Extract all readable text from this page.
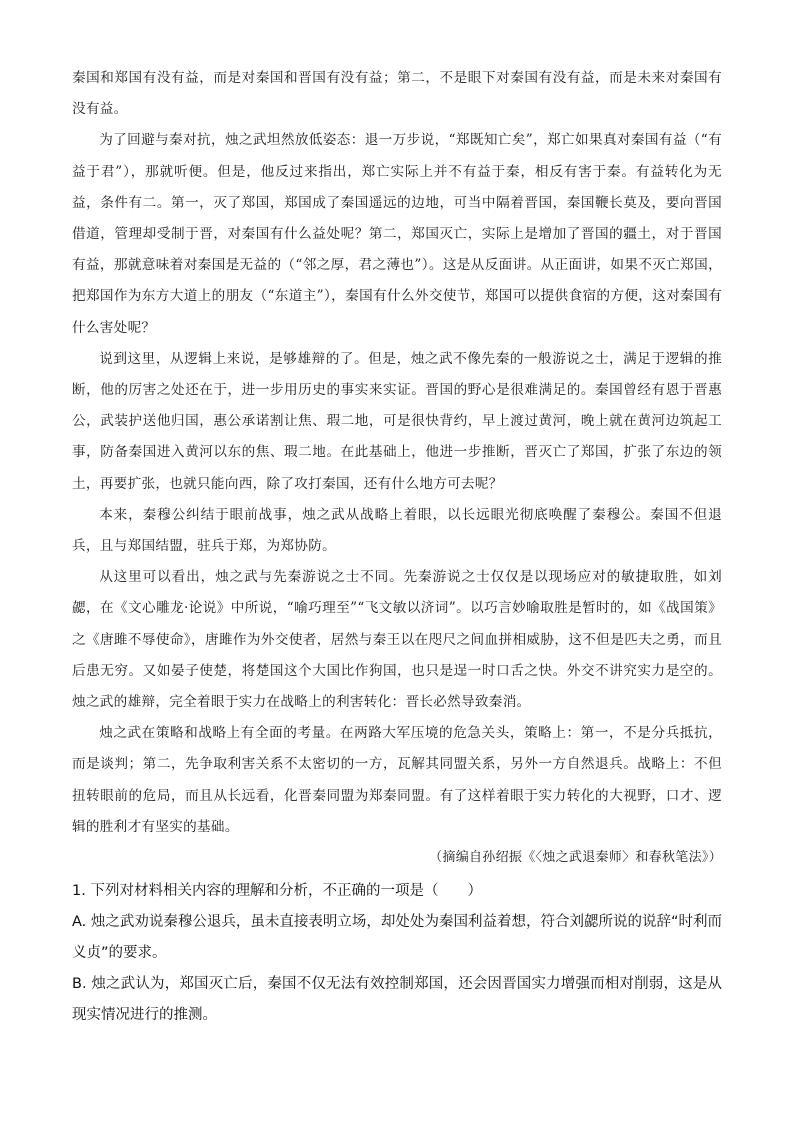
秦国和郑国有没有益，而是对秦国和晋国有没有益；第二，不是眼下对秦国有没有益，而是未来对秦国有没有益。

为了回避与秦对抗，烛之武坦然放低姿态：退一万步说，“郑既知亡矣”，郑亡如果真对秦国有益（“有益于君”），那就听便。但是，他反过来指出，郑亡实际上并不有益于秦，相反有害于秦。有益转化为无益，条件有二。第一，灭了郑国，郑国成了秦国遥远的边地，可当中隔着晋国，秦国鞭长莫及，要向晋国借道，管理却受制于晋，对秦国有什么益处呢？第二，郑国灭亡，实际上是增加了晋国的疆土，对于晋国有益，那就意味着对秦国是无益的（“邻之厚，君之薄也”）。这是从反面讲。从正面讲，如果不灭亡郑国，把郑国作为东方大道上的朋友（“东道主”），秦国有什么外交使节，郑国可以提供食宿的方便，这对秦国有什么害处呢？

说到这里，从逻辑上来说，是够雄辩的了。但是，烛之武不像先秦的一般游说之士，满足于逻辑的推断，他的厉害之处还在于，进一步用历史的事实来实证。晋国的野心是很难满足的。秦国曾经有恩于晋惠公，武装护送他归国，惠公承诺割让焦、瑕二地，可是很快背约，早上渡过黄河，晚上就在黄河边筑起工事，防备秦国进入黄河以东的焦、瑕二地。在此基础上，他进一步推断，晋灭亡了郑国，扩张了东边的领土，再要扩张，也就只能向西，除了攻打秦国，还有什么地方可去呢？

本来，秦穆公纠结于眼前战事，烛之武从战略上着眼，以长远眼光彻底唤醒了秦穆公。秦国不但退兵，且与郑国结盟，驻兵于郑，为郑协防。

从这里可以看出，烛之武与先秦游说之士不同。先秦游说之士仅仅是以现场应对的敏捷取胜，如刘勰，在《文心雕龙·论说》中所说，“喻巧理至”“飞文敏以济词”。以巧言妙喻取胜是暂时的，如《战国策》之《唐雎不辱使命》，唐雎作为外交使者，居然与秦王以在咫尺之间血拼相威胁，这不但是匹夫之勇，而且后患无穷。又如晏子使楚，将楚国这个大国比作狗国，也只是逞一时口舌之快。外交不讲究实力是空的。烛之武的雄辩，完全着眼于实力在战略上的利害转化：晋长必然导致秦消。

烛之武在策略和战略上有全面的考量。在两路大军压境的危急关头，策略上：第一，不是分兵抵抗，而是谈判；第二，先争取利害关系不太密切的一方，瓦解其同盟关系，另外一方自然退兵。战略上：不但扭转眼前的危局，而且从长远看，化晋秦同盟为郑秦同盟。有了这样着眼于实力转化的大视野，口才、逻辑的胜利才有坚实的基础。

（摘编自孙绍振《〈烛之武退秦师〉和春秋笔法》）

1. 下列对材料相关内容的理解和分析，不正确的一项是（　　）

A. 烛之武劝说秦穆公退兵，虽未直接表明立场，却处处为秦国利益着想，符合刘勰所说的说辞“时利而义贞”的要求。

B. 烛之武认为，郑国灭亡后，秦国不仅无法有效控制郑国，还会因晋国实力增强而相对削弱，这是从现实情况进行的推测。
